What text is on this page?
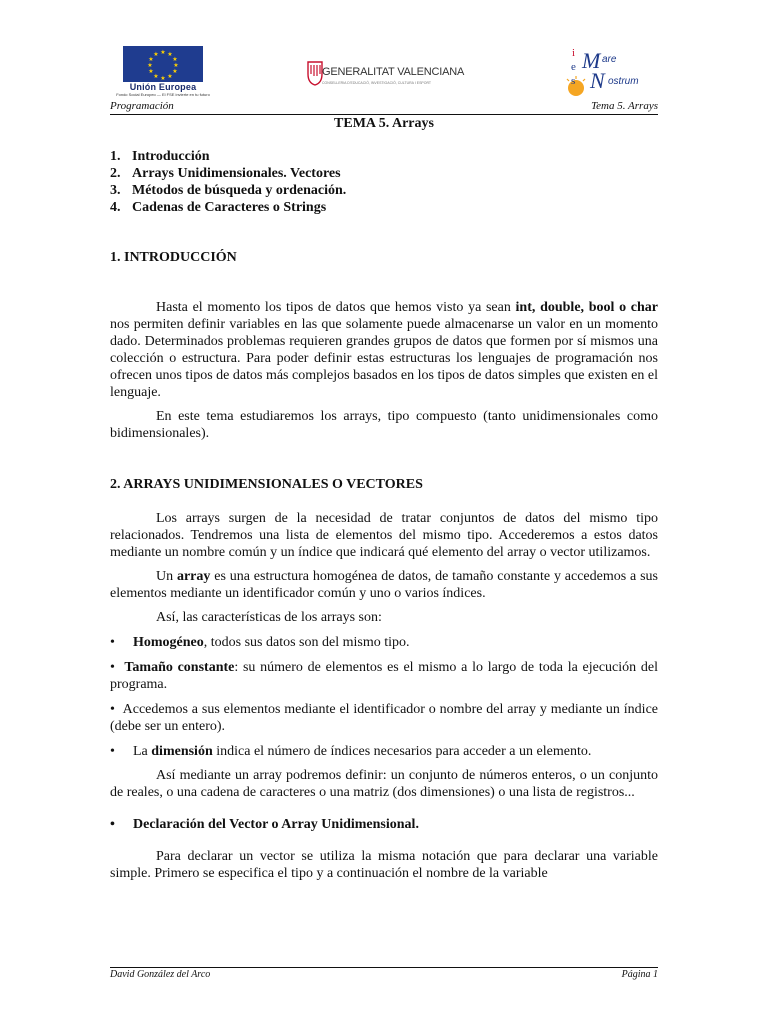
★ ★
★
★
★
★
★
★
★
★
★
★
Unión Europea
Fondo Social Europeo — El FSE invierte en tu futuro
GENERALITAT VALENCIANA
CONSELLERIA D'EDUCACIÓ, INVESTIGACIÓ, CULTURA I ESPORT
i
e
s
M are
N ostrum
Programación	Tema 5. Arrays
TEMA 5. Arrays
1. Introducción
2. Arrays Unidimensionales. Vectores
3. Métodos de búsqueda y ordenación.
4. Cadenas de Caracteres o Strings
1. INTRODUCCIÓN

Hasta el momento los tipos de datos que hemos visto ya sean int, double, bool o char nos permiten definir variables en las que solamente puede almacenarse un valor en un momento dado. Determinados problemas requieren grandes grupos de datos que formen por sí mismos una colección o estructura. Para poder definir estas estructuras los lenguajes de programación nos ofrecen unos tipos de datos más complejos basados en los tipos de datos simples que existen en el lenguaje.

En este tema estudiaremos los arrays, tipo compuesto (tanto unidimensionales como bidimensionales).

2. ARRAYS UNIDIMENSIONALES O VECTORES

Los arrays surgen de la necesidad de tratar conjuntos de datos del mismo tipo relacionados. Tendremos una lista de elementos del mismo tipo. Accederemos a estos datos mediante un nombre común y un índice que indicará qué elemento del array o vector utilizamos.

Un array es una estructura homogénea de datos, de tamaño constante y accedemos a sus elementos mediante un identificador común y uno o varios índices.

Así, las características de los arrays son:

•	Homogéneo, todos sus datos son del mismo tipo.
• Tamaño constante: su número de elementos es el mismo a lo largo de toda la ejecución del programa.
• Accedemos a sus elementos mediante el identificador o nombre del array y mediante un índice (debe ser un entero).
• La dimensión indica el número de índices necesarios para acceder a un elemento.

Así mediante un array podremos definir: un conjunto de números enteros, o un conjunto de reales, o una cadena de caracteres o una matriz (dos dimensiones) o una lista de registros...

•	Declaración del Vector o Array Unidimensional.

Para declarar un vector se utiliza la misma notación que para declarar una variable simple. Primero se especifica el tipo y a continuación el nombre de la variable

David González del Arco	Página 1
